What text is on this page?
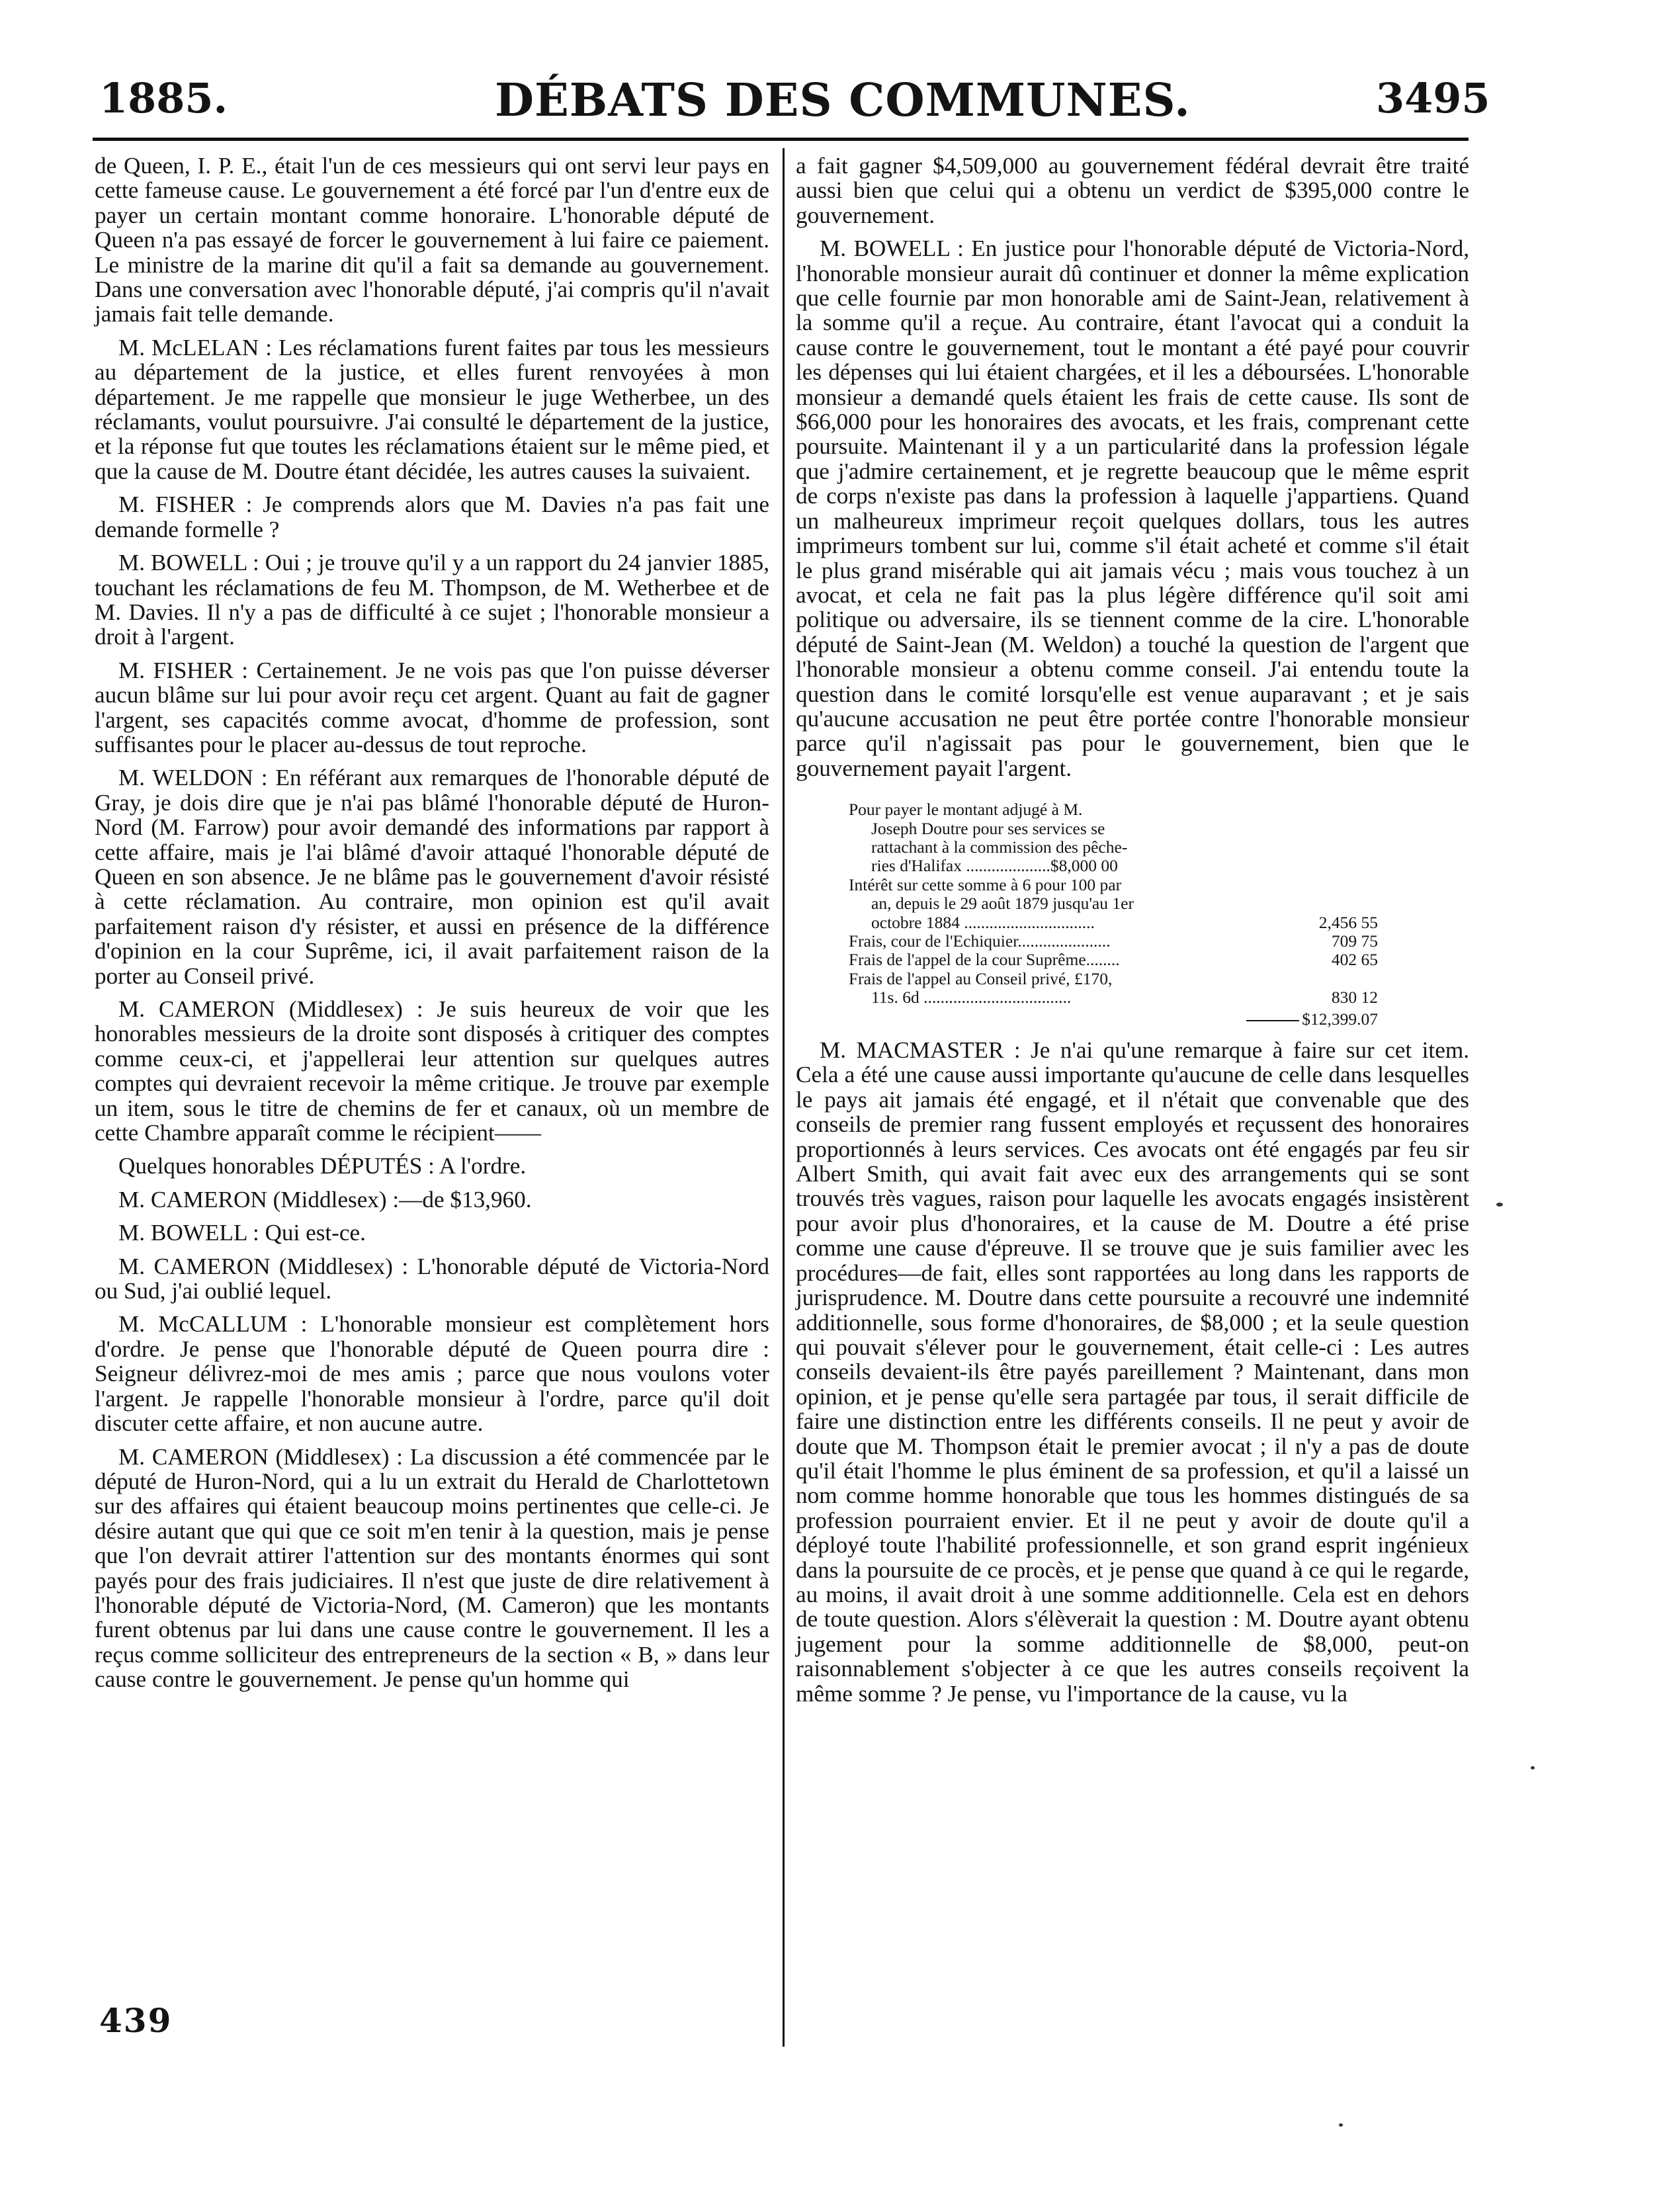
1885.	DÉBATS DES COMMUNES.	3495

de Queen, I. P. E., était l'un de ces messieurs qui ont servi leur pays en cette fameuse cause. Le gouvernement a été forcé par l'un d'entre eux de payer un certain montant comme honoraire. L'honorable député de Queen n'a pas essayé de forcer le gouvernement à lui faire ce paiement. Le ministre de la marine dit qu'il a fait sa demande au gouvernement. Dans une conversation avec l'honorable député, j'ai compris qu'il n'avait jamais fait telle demande.

M. McLELAN : Les réclamations furent faites par tous les messieurs au département de la justice, et elles furent renvoyées à mon département. Je me rappelle que monsieur le juge Wetherbee, un des réclamants, voulut poursuivre. J'ai consulté le département de la justice, et la réponse fut que toutes les réclamations étaient sur le même pied, et que la cause de M. Doutre étant décidée, les autres causes la suivaient.

M. FISHER : Je comprends alors que M. Davies n'a pas fait une demande formelle ?

M. BOWELL : Oui ; je trouve qu'il y a un rapport du 24 janvier 1885, touchant les réclamations de feu M. Thompson, de M. Wetherbee et de M. Davies. Il n'y a pas de difficulté à ce sujet ; l'honorable monsieur a droit à l'argent.

M. FISHER : Certainement. Je ne vois pas que l'on puisse déverser aucun blâme sur lui pour avoir reçu cet argent. Quant au fait de gagner l'argent, ses capacités comme avocat, d'homme de profession, sont suffisantes pour le placer au-dessus de tout reproche.

M. WELDON : En référant aux remarques de l'honorable député de Gray, je dois dire que je n'ai pas blâmé l'honorable député de Huron-Nord (M. Farrow) pour avoir demandé des informations par rapport à cette affaire, mais je l'ai blâmé d'avoir attaqué l'honorable député de Queen en son absence. Je ne blâme pas le gouvernement d'avoir résisté à cette réclamation. Au contraire, mon opinion est qu'il avait parfaitement raison d'y résister, et aussi en présence de la différence d'opinion en la cour Suprême, ici, il avait parfaitement raison de la porter au Conseil privé.

M. CAMERON (Middlesex) : Je suis heureux de voir que les honorables messieurs de la droite sont disposés à critiquer des comptes comme ceux-ci, et j'appellerai leur attention sur quelques autres comptes qui devraient recevoir la même critique. Je trouve par exemple un item, sous le titre de chemins de fer et canaux, où un membre de cette Chambre apparaît comme le récipient——

Quelques honorables DÉPUTÉS : A l'ordre.

M. CAMERON (Middlesex) :—de $13,960.

M. BOWELL : Qui est-ce.

M. CAMERON (Middlesex) : L'honorable député de Victoria-Nord ou Sud, j'ai oublié lequel.

M. McCALLUM : L'honorable monsieur est complètement hors d'ordre. Je pense que l'honorable député de Queen pourra dire : Seigneur délivrez-moi de mes amis ; parce que nous voulons voter l'argent. Je rappelle l'honorable monsieur à l'ordre, parce qu'il doit discuter cette affaire, et non aucune autre.

M. CAMERON (Middlesex) : La discussion a été commencée par le député de Huron-Nord, qui a lu un extrait du Herald de Charlottetown sur des affaires qui étaient beaucoup moins pertinentes que celle-ci. Je désire autant que qui que ce soit m'en tenir à la question, mais je pense que l'on devrait attirer l'attention sur des montants énormes qui sont payés pour des frais judiciaires. Il n'est que juste de dire relativement à l'honorable député de Victoria-Nord, (M. Cameron) que les montants furent obtenus par lui dans une cause contre le gouvernement. Il les a reçus comme solliciteur des entrepreneurs de la section « B, » dans leur cause contre le gouvernement. Je pense qu'un homme qui

a fait gagner $4,509,000 au gouvernement fédéral devrait être traité aussi bien que celui qui a obtenu un verdict de $395,000 contre le gouvernement.

M. BOWELL : En justice pour l'honorable député de Victoria-Nord, l'honorable monsieur aurait dû continuer et donner la même explication que celle fournie par mon honorable ami de Saint-Jean, relativement à la somme qu'il a reçue. Au contraire, étant l'avocat qui a conduit la cause contre le gouvernement, tout le montant a été payé pour couvrir les dépenses qui lui étaient chargées, et il les a déboursées. L'honorable monsieur a demandé quels étaient les frais de cette cause. Ils sont de $66,000 pour les honoraires des avocats, et les frais, comprenant cette poursuite. Maintenant il y a un particularité dans la profession légale que j'admire certainement, et je regrette beaucoup que le même esprit de corps n'existe pas dans la profession à laquelle j'appartiens. Quand un malheureux imprimeur reçoit quelques dollars, tous les autres imprimeurs tombent sur lui, comme s'il était acheté et comme s'il était le plus grand misérable qui ait jamais vécu ; mais vous touchez à un avocat, et cela ne fait pas la plus légère différence qu'il soit ami politique ou adversaire, ils se tiennent comme de la cire. L'honorable député de Saint-Jean (M. Weldon) a touché la question de l'argent que l'honorable monsieur a obtenu comme conseil. J'ai entendu toute la question dans le comité lorsqu'elle est venue auparavant ; et je sais qu'aucune accusation ne peut être portée contre l'honorable monsieur parce qu'il n'agissait pas pour le gouvernement, bien que le gouvernement payait l'argent.

Pour payer le montant adjugé à M.
Joseph Doutre pour ses services se
rattachant à la commission des pêche-
ries d'Halifax ....................$8,000 00
Intérêt sur cette somme à 6 pour 100 par
an, depuis le 29 août 1879 jusqu'au 1er
octobre 1884 ...............................	2,456 55
Frais, cour de l'Echiquier......................	709 75
Frais de l'appel de la cour Suprême........	402 65
Frais de l'appel au Conseil privé, £170,
11s. 6d ...................................	830 12
$12,399.07

M. MACMASTER : Je n'ai qu'une remarque à faire sur cet item. Cela a été une cause aussi importante qu'aucune de celle dans lesquelles le pays ait jamais été engagé, et il n'était que convenable que des conseils de premier rang fussent employés et reçussent des honoraires proportionnés à leurs services. Ces avocats ont été engagés par feu sir Albert Smith, qui avait fait avec eux des arrangements qui se sont trouvés très vagues, raison pour laquelle les avocats engagés insistèrent pour avoir plus d'honoraires, et la cause de M. Doutre a été prise comme une cause d'épreuve. Il se trouve que je suis familier avec les procédures—de fait, elles sont rapportées au long dans les rapports de jurisprudence. M. Doutre dans cette poursuite a recouvré une indemnité additionnelle, sous forme d'honoraires, de $8,000 ; et la seule question qui pouvait s'élever pour le gouvernement, était celle-ci : Les autres conseils devaient-ils être payés pareillement ? Maintenant, dans mon opinion, et je pense qu'elle sera partagée par tous, il serait difficile de faire une distinction entre les différents conseils. Il ne peut y avoir de doute que M. Thompson était le premier avocat ; il n'y a pas de doute qu'il était l'homme le plus éminent de sa profession, et qu'il a laissé un nom comme homme honorable que tous les hommes distingués de sa profession pourraient envier. Et il ne peut y avoir de doute qu'il a déployé toute l'habilité professionnelle, et son grand esprit ingénieux dans la poursuite de ce procès, et je pense que quand à ce qui le regarde, au moins, il avait droit à une somme additionnelle. Cela est en dehors de toute question. Alors s'élèverait la question : M. Doutre ayant obtenu jugement pour la somme additionnelle de $8,000, peut-on raisonnablement s'objecter à ce que les autres conseils reçoivent la même somme ? Je pense, vu l'importance de la cause, vu la

439
